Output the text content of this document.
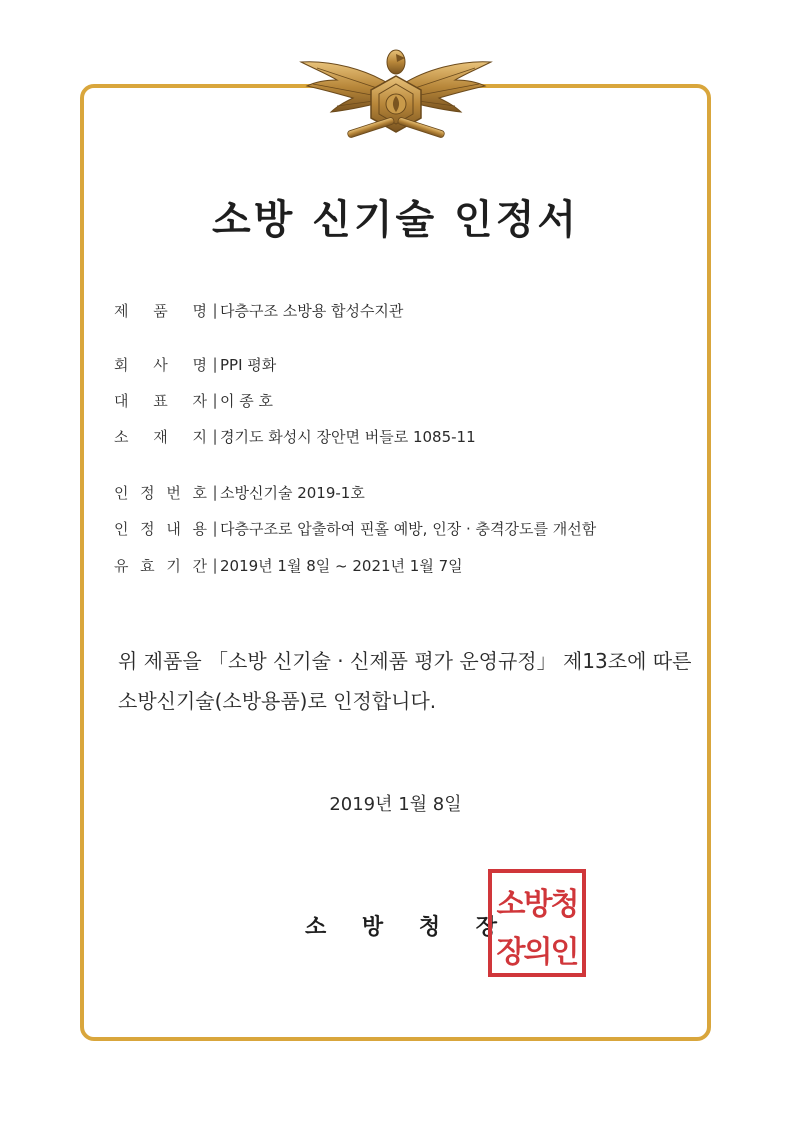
소방 신기술 인정서
제 품 명 | 다층구조 소방용 합성수지관
회 사 명 | PPI 평화
대 표 자 | 이 종 호
소 재 지 | 경기도 화성시 장안면 버들로 1085-11
인 정 번 호 | 소방신기술 2019-1호
인 정 내 용 | 다층구조로 압출하여 핀홀 예방, 인장 · 충격강도를 개선함
유 효 기 간 | 2019년 1월 8일 ~ 2021년 1월 7일
위 제품을 「소방 신기술 · 신제품 평가 운영규정」 제13조에 따른
소방신기술(소방용품)로 인정합니다.
2019년 1월 8일
소 방 청 장
소방청
장의인
